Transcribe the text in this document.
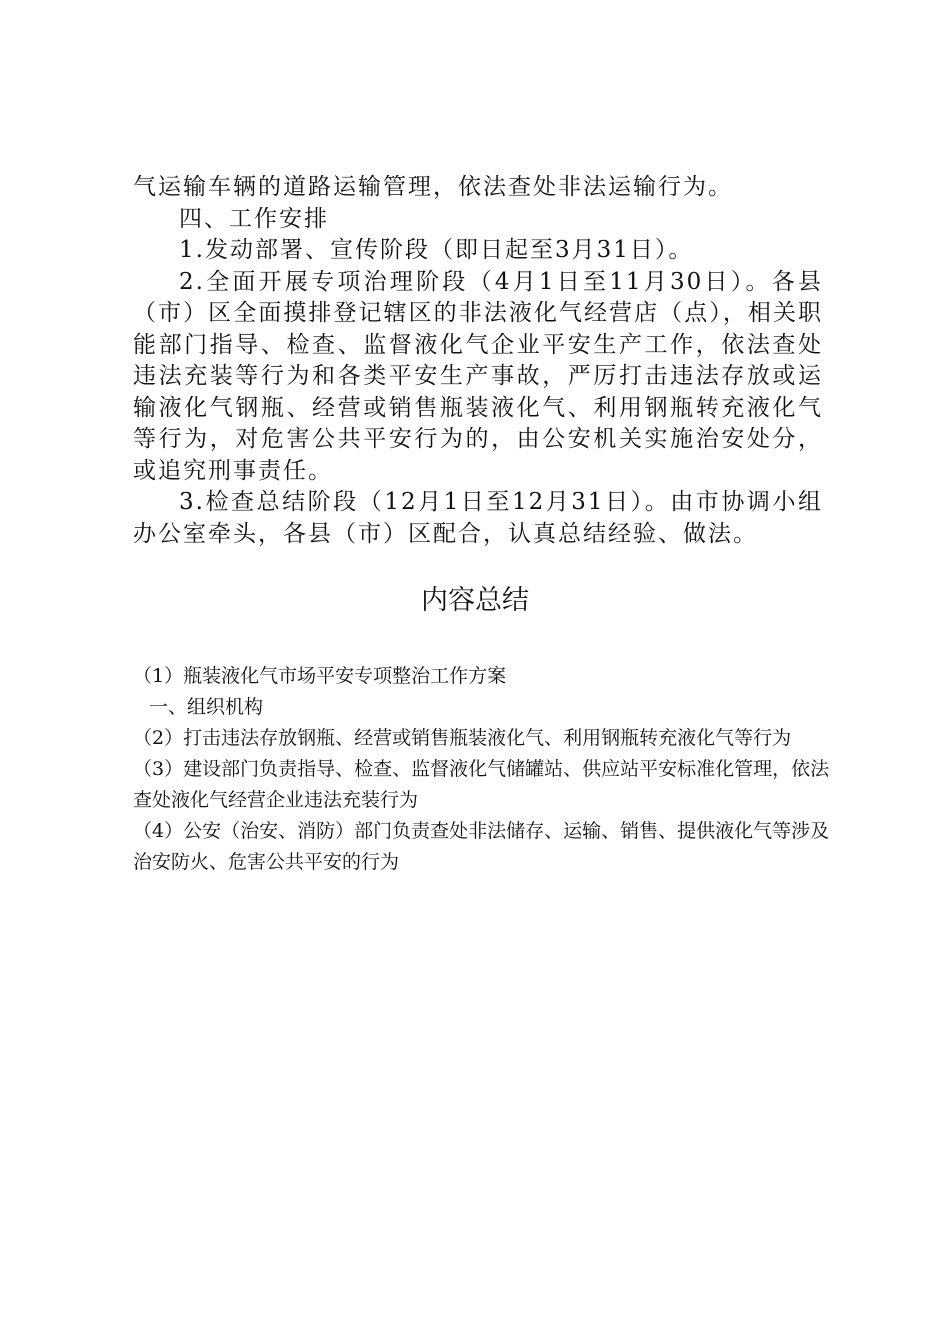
气运输车辆的道路运输管理，依法查处非法运输行为。

四、工作安排

1.发动部署、宣传阶段（即日起至3月31日）。

2.全面开展专项治理阶段（4月1日至11月30日）。各县（市）区全面摸排登记辖区的非法液化气经营店（点），相关职能部门指导、检查、监督液化气企业平安生产工作，依法查处违法充装等行为和各类平安生产事故，严厉打击违法存放或运输液化气钢瓶、经营或销售瓶装液化气、利用钢瓶转充液化气等行为，对危害公共平安行为的，由公安机关实施治安处分，或追究刑事责任。

3.检查总结阶段（12月1日至12月31日）。由市协调小组办公室牵头，各县（市）区配合，认真总结经验、做法。

内容总结

（1）瓶装液化气市场平安专项整治工作方案

一、组织机构

（2）打击违法存放钢瓶、经营或销售瓶装液化气、利用钢瓶转充液化气等行为

（3）建设部门负责指导、检查、监督液化气储罐站、供应站平安标准化管理，依法查处液化气经营企业违法充装行为

（4）公安（治安、消防）部门负责查处非法储存、运输、销售、提供液化气等涉及治安防火、危害公共平安的行为
